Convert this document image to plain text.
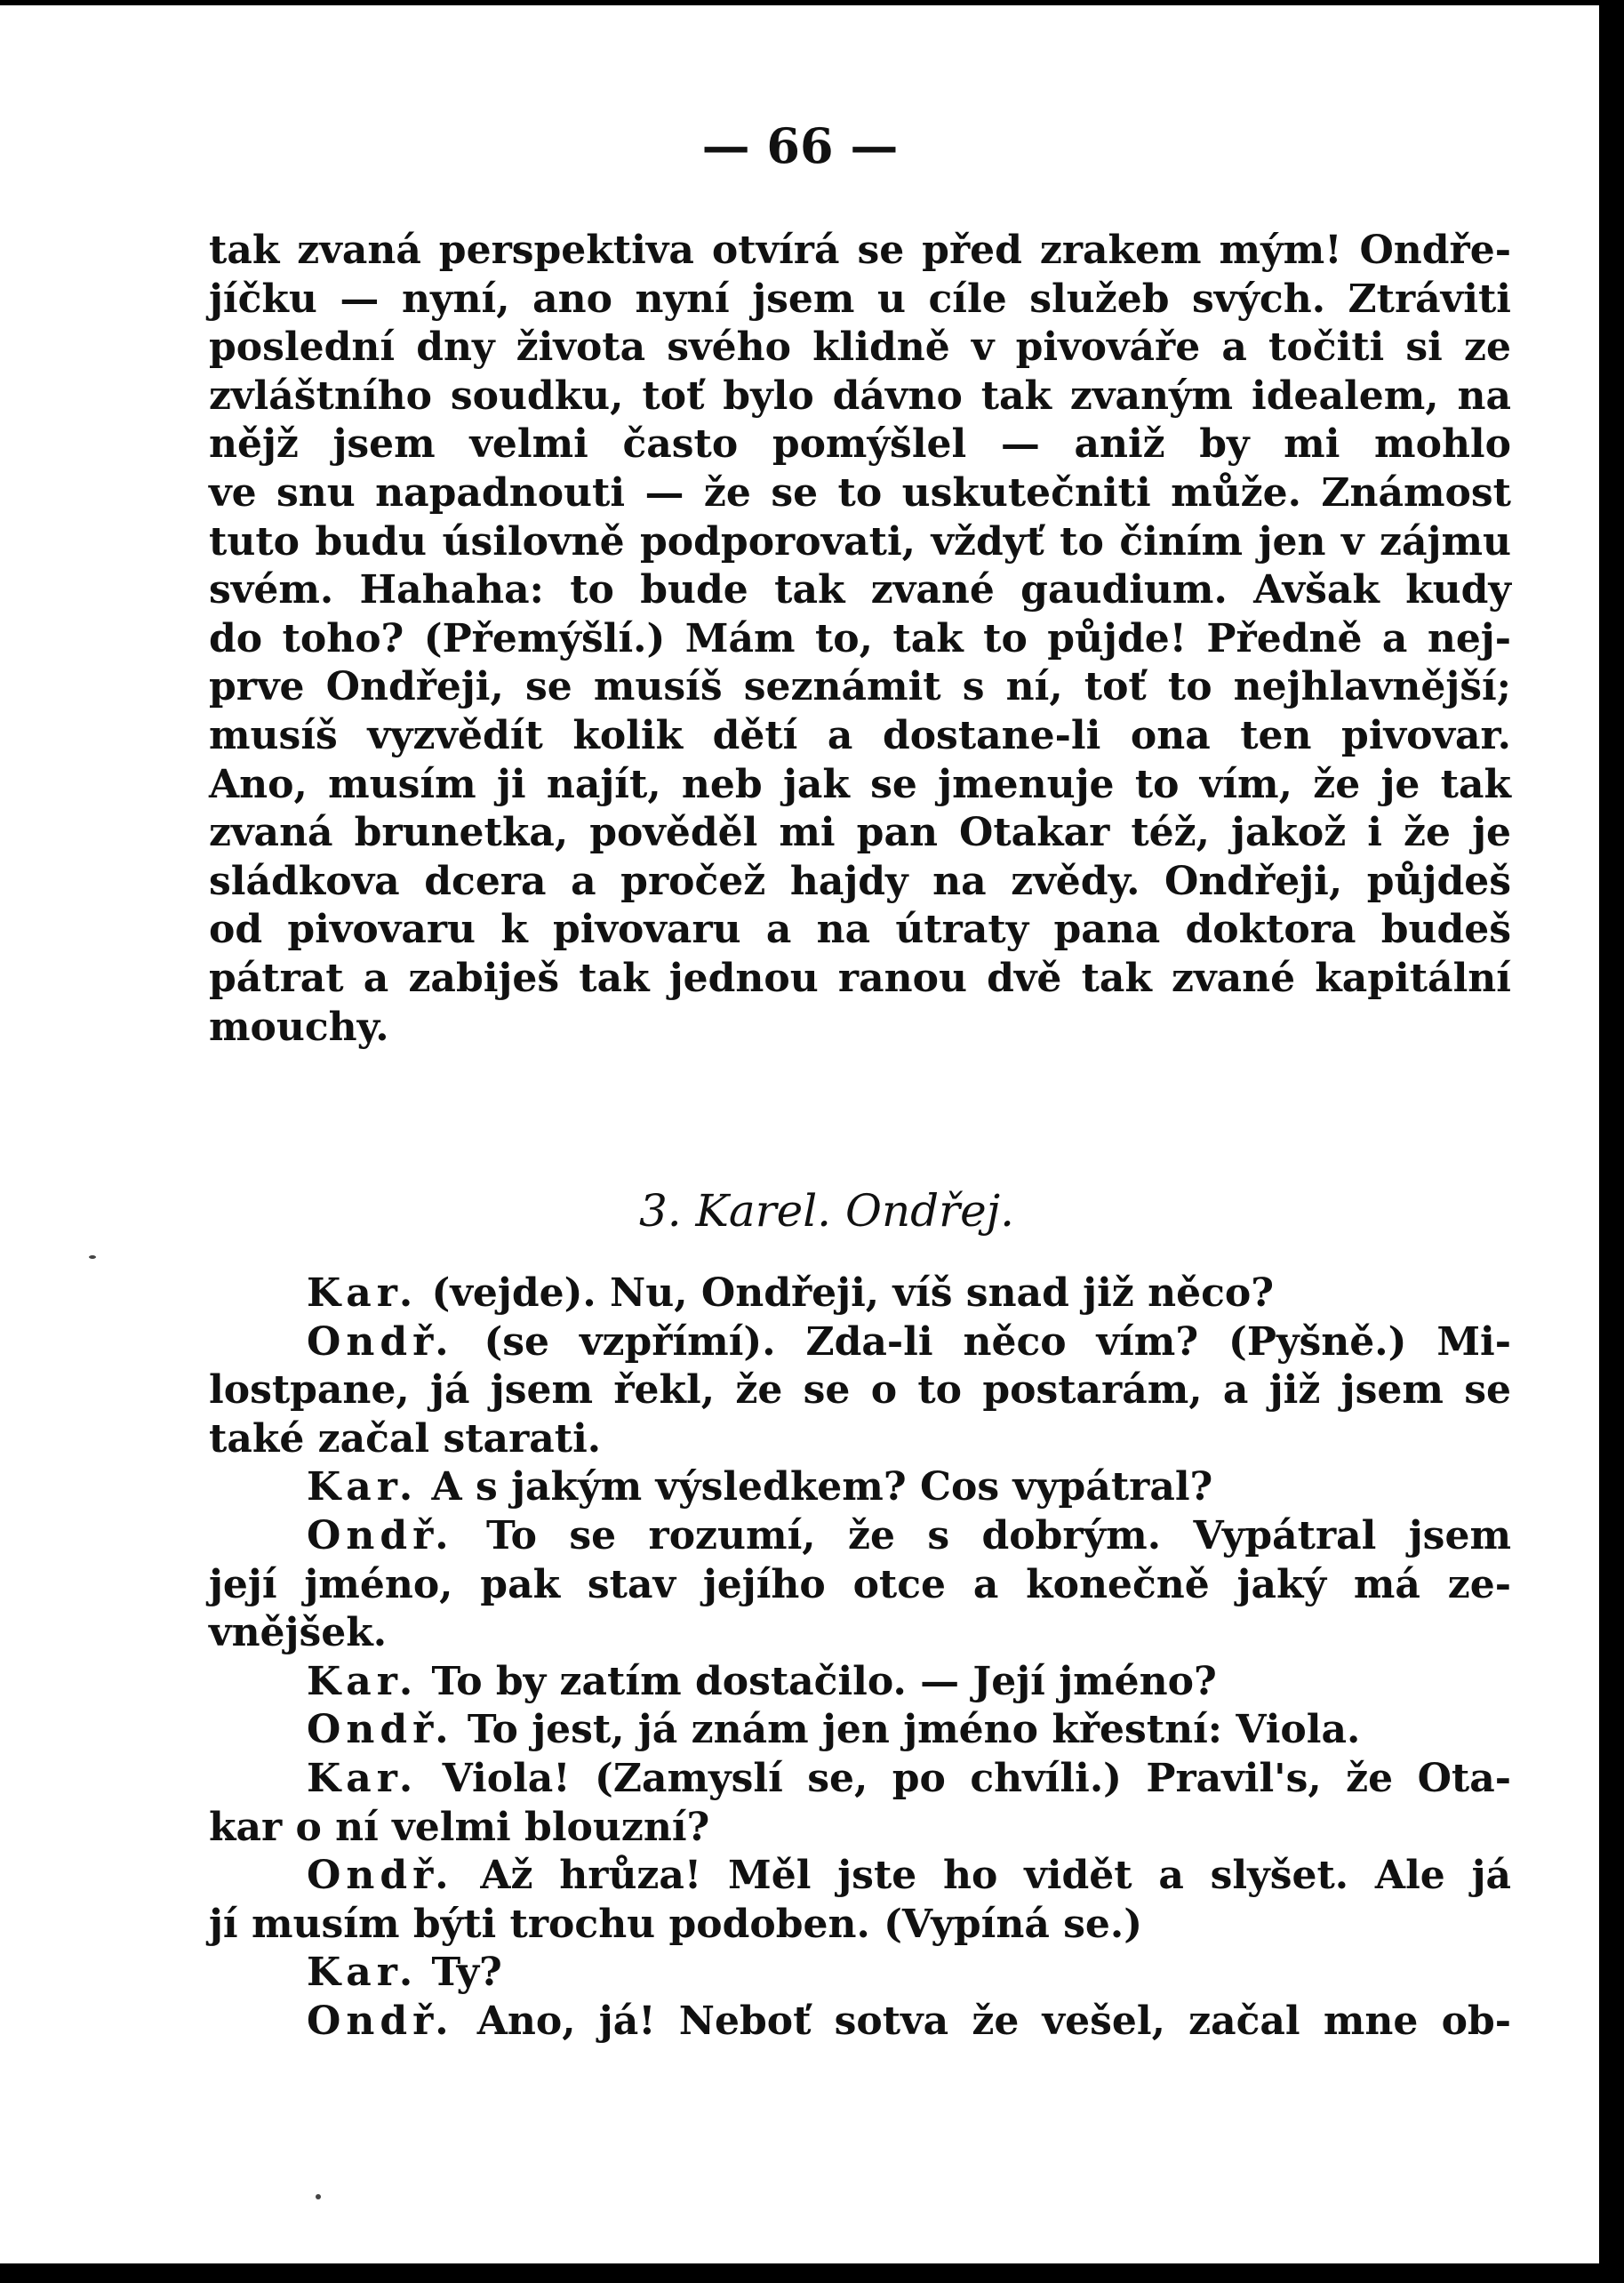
— 66 —
tak zvaná perspektiva otvírá se před zrakem mým! Ondře-
jíčku — nyní, ano nyní jsem u cíle služeb svých. Ztráviti
poslední dny života svého klidně v pivováře a točiti si ze
zvláštního soudku, toť bylo dávno tak zvaným idealem, na
nějž jsem velmi často pomýšlel — aniž by mi mohlo
ve snu napadnouti — že se to uskutečniti může. Známost
tuto budu úsilovně podporovati, vždyť to činím jen v zájmu
svém. Hahaha: to bude tak zvané gaudium. Avšak kudy
do toho? (Přemýšlí.) Mám to, tak to půjde! Předně a nej-
prve Ondřeji, se musíš seznámit s ní, toť to nejhlavnější;
musíš vyzvědít kolik dětí a dostane-li ona ten pivovar.
Ano, musím ji najít, neb jak se jmenuje to vím, že je tak
zvaná brunetka, pověděl mi pan Otakar též, jakož i že je
sládkova dcera a pročež hajdy na zvědy. Ondřeji, půjdeš
od pivovaru k pivovaru a na útraty pana doktora budeš
pátrat a zabiješ tak jednou ranou dvě tak zvané kapitální
mouchy.
3. Karel. Ondřej.
Kar. (vejde). Nu, Ondřeji, víš snad již něco?
Ondř. (se vzpřímí). Zda-li něco vím? (Pyšně.) Mi-
lostpane, já jsem řekl, že se o to postarám, a již jsem se
také začal starati.
Kar. A s jakým výsledkem? Cos vypátral?
Ondř. To se rozumí, že s dobrým. Vypátral jsem
její jméno, pak stav jejího otce a konečně jaký má ze-
vnějšek.
Kar. To by zatím dostačilo. — Její jméno?
Ondř. To jest, já znám jen jméno křestní: Viola.
Kar. Viola! (Zamyslí se, po chvíli.) Pravil's, že Ota-
kar o ní velmi blouzní?
Ondř. Až hrůza! Měl jste ho vidět a slyšet. Ale já
jí musím býti trochu podoben. (Vypíná se.)
Kar. Ty?
Ondř. Ano, já! Neboť sotva že vešel, začal mne ob-
